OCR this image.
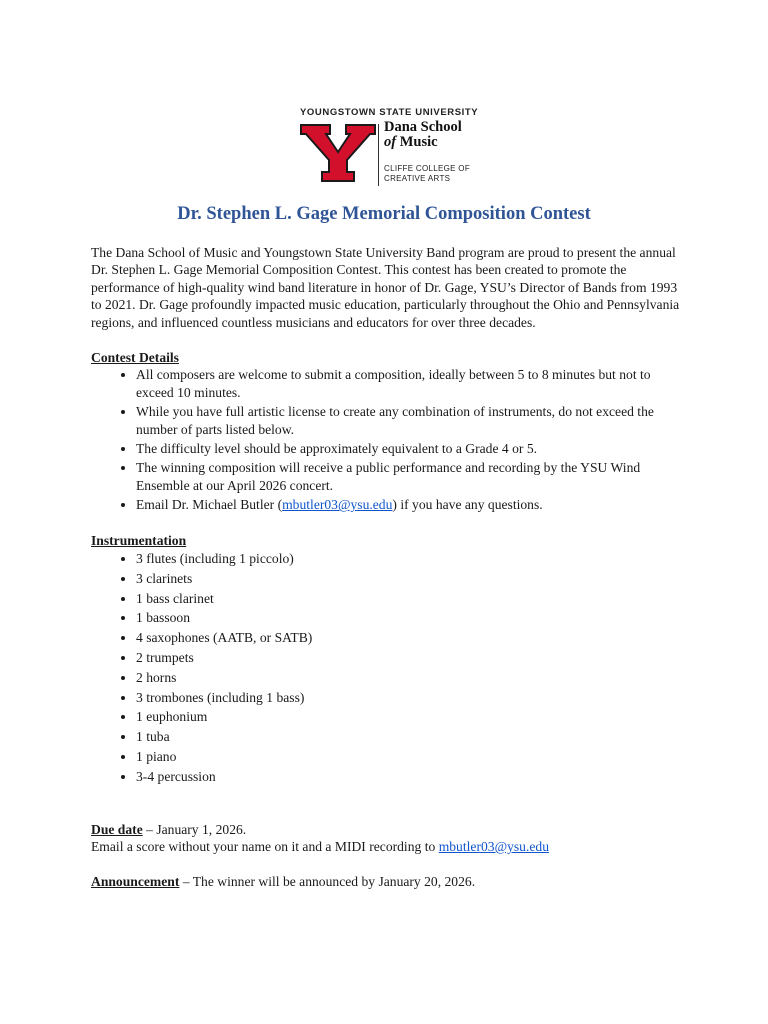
YOUNGSTOWN STATE UNIVERSITY
Dana School
of Music
CLIFFE COLLEGE OF
CREATIVE ARTS
Dr. Stephen L. Gage Memorial Composition Contest

The Dana School of Music and Youngstown State University Band program are proud to present the annual Dr. Stephen L. Gage Memorial Composition Contest. This contest has been created to promote the performance of high-quality wind band literature in honor of Dr. Gage, YSU’s Director of Bands from 1993 to 2021. Dr. Gage profoundly impacted music education, particularly throughout the Ohio and Pennsylvania regions, and influenced countless musicians and educators for over three decades.

Contest Details
• All composers are welcome to submit a composition, ideally between 5 to 8 minutes but not to exceed 10 minutes.
• While you have full artistic license to create any combination of instruments, do not exceed the number of parts listed below.
• The difficulty level should be approximately equivalent to a Grade 4 or 5.
• The winning composition will receive a public performance and recording by the YSU Wind Ensemble at our April 2026 concert.
• Email Dr. Michael Butler (mbutler03@ysu.edu) if you have any questions.
Instrumentation
• 3 flutes (including 1 piccolo)
• 3 clarinets
• 1 bass clarinet
• 1 bassoon
• 4 saxophones (AATB, or SATB)
• 2 trumpets
• 2 horns
• 3 trombones (including 1 bass)
• 1 euphonium
• 1 tuba
• 1 piano
• 3-4 percussion

Due date – January 1, 2026.

Email a score without your name on it and a MIDI recording to mbutler03@ysu.edu

Announcement – The winner will be announced by January 20, 2026.
